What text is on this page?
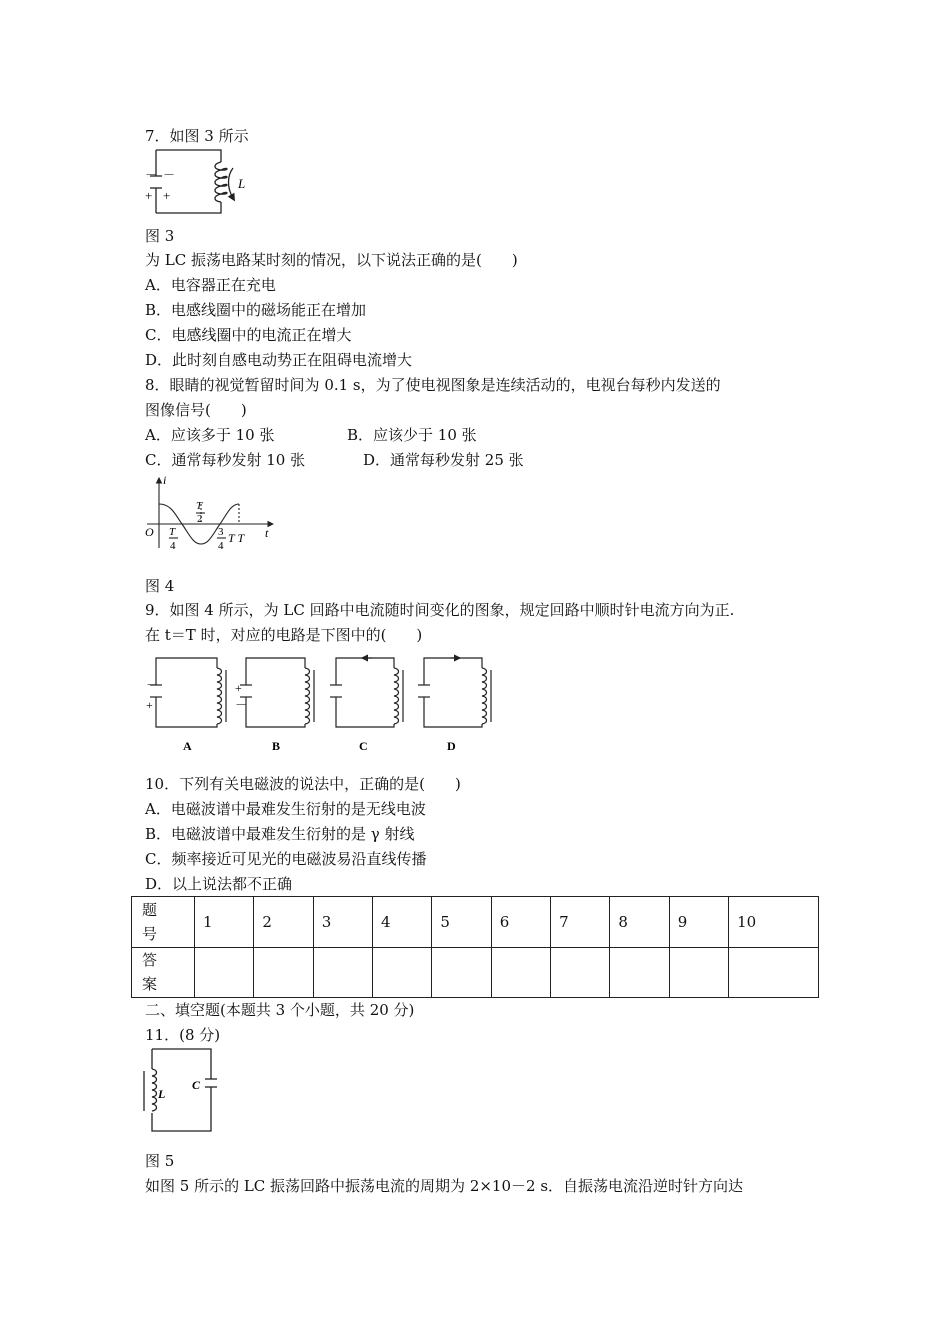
7．如图 3 所示
－ －
+ +
L
图 3
为 LC 振荡电路某时刻的情况，以下说法正确的是(　　)
A．电容器正在充电
B．电感线圈中的磁场能正在增加
C．电感线圈中的电流正在增大
D．此时刻自感电动势正在阻碍电流增大
8．眼睛的视觉暂留时间为 0.1 s，为了使电视图象是连续活动的，电视台每秒内发送的
图像信号(　　)
A．应该多于 10 张	B．应该少于 10 张
C．通常每秒发射 10 张	D．通常每秒发射 25 张
i
t
O
T
2
T
4
3
4
T T
图 4
9．如图 4 所示，为 LC 回路中电流随时间变化的图象，规定回路中顺时针电流方向为正.
在 t＝T 时，对应的电路是下图中的(　　)
－
+
+
－
A	B	C	D
10．下列有关电磁波的说法中，正确的是(　　)
A．电磁波谱中最难发生衍射的是无线电波
B．电磁波谱中最难发生衍射的是 γ 射线
C．频率接近可见光的电磁波易沿直线传播
D．以上说法都不正确
题
号	1	2	3	4	5	6	7	8	9	10
答
案										
二、填空题(本题共 3 个小题，共 20 分)
11．(8 分)
L
C
图 5
如图 5 所示的 LC 振荡回路中振荡电流的周期为 2×10－2 s．自振荡电流沿逆时针方向达
